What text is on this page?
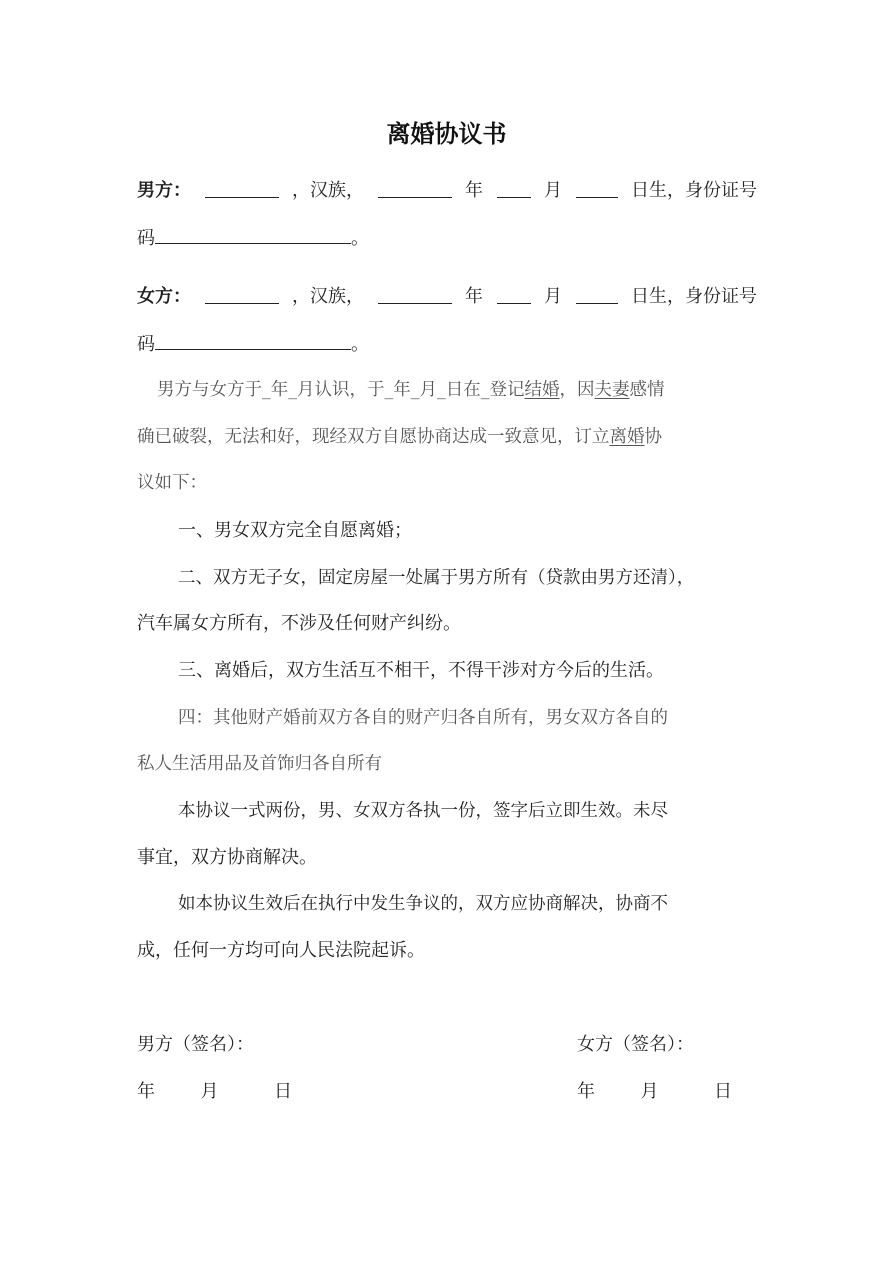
离婚协议书
男方：	，汉族，	年	月	日生，身份证号
码	。
女方：	，汉族，	年	月	日生，身份证号
码	。
男方与女方于_年_月认识，于_年_月_日在_登记结婚，因夫妻感情
确已破裂，无法和好，现经双方自愿协商达成一致意见，订立离婚协
议如下：
一、男女双方完全自愿离婚；
二、双方无子女，固定房屋一处属于男方所有（贷款由男方还清），
汽车属女方所有，不涉及任何财产纠纷。
三、离婚后，双方生活互不相干，不得干涉对方今后的生活。
四：其他财产婚前双方各自的财产归各自所有，男女双方各自的
私人生活用品及首饰归各自所有
本协议一式两份，男、女双方各执一份，签字后立即生效。未尽
事宜，双方协商解决。
如本协议生效后在执行中发生争议的，双方应协商解决，协商不
成，任何一方均可向人民法院起诉。
男方（签名）：	女方（签名）：
年	月	日	年	月	日
